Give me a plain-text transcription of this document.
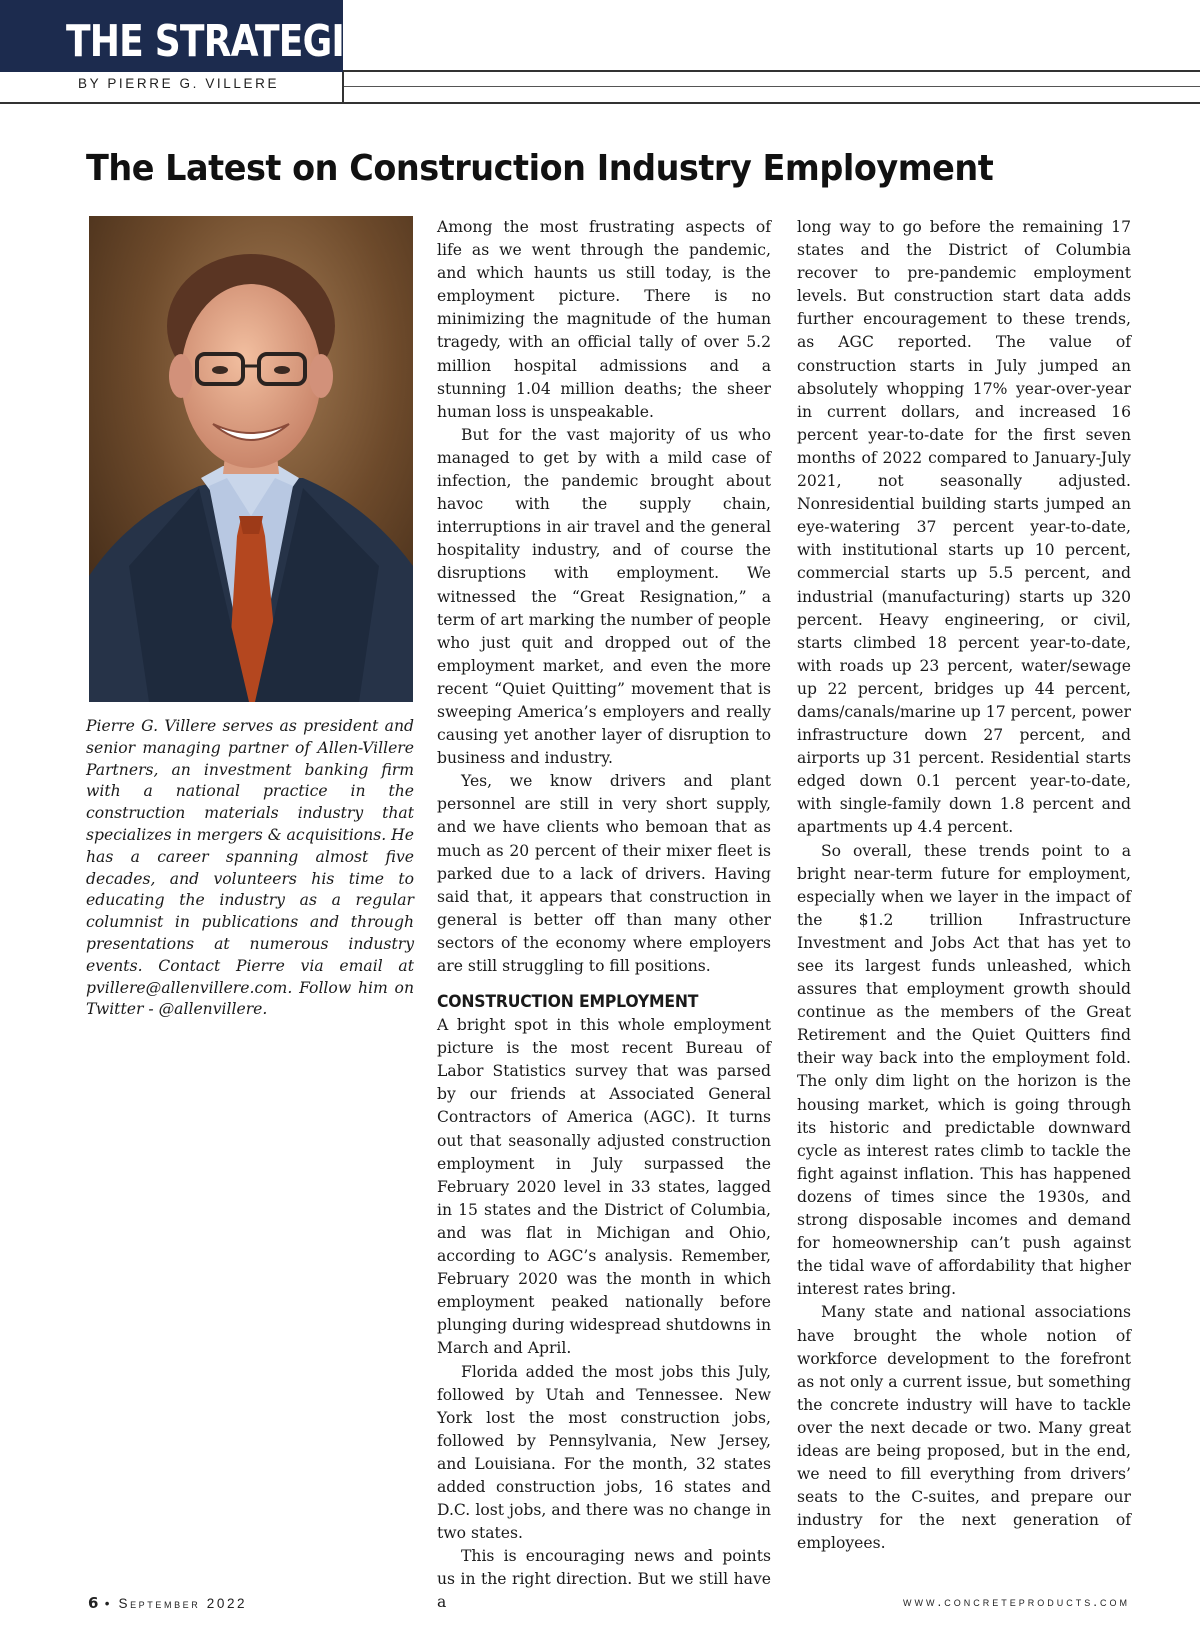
THE STRATEGIST
BY PIERRE G. VILLERE
The Latest on Construction Industry Employment

Pierre G. Villere serves as president and senior managing partner of Allen-Villere Partners, an investment banking firm with a national practice in the construction materials industry that specializes in mergers & acquisitions. He has a career spanning almost five decades, and volunteers his time to educating the industry as a regular columnist in publications and through presentations at numerous industry events. Contact Pierre via email at pvillere@allenvillere.com. Follow him on Twitter - @allenvillere.

Among the most frustrating aspects of life as we went through the pandemic, and which haunts us still today, is the employment picture. There is no minimizing the magnitude of the human tragedy, with an official tally of over 5.2 million hospital admissions and a stunning 1.04 million deaths; the sheer human loss is unspeakable.

But for the vast majority of us who managed to get by with a mild case of infection, the pandemic brought about havoc with the supply chain, interruptions in air travel and the general hospitality industry, and of course the disruptions with employment. We witnessed the “Great Resignation,” a term of art marking the number of people who just quit and dropped out of the employment market, and even the more recent “Quiet Quitting” movement that is sweeping America’s employers and really causing yet another layer of disruption to business and industry.

Yes, we know drivers and plant personnel are still in very short supply, and we have clients who bemoan that as much as 20 percent of their mixer fleet is parked due to a lack of drivers. Having said that, it appears that construction in general is better off than many other sectors of the economy where employers are still struggling to fill positions.

CONSTRUCTION EMPLOYMENT

A bright spot in this whole employment picture is the most recent Bureau of Labor Statistics survey that was parsed by our friends at Associated General Contractors of America (AGC). It turns out that seasonally adjusted construction employment in July surpassed the February 2020 level in 33 states, lagged in 15 states and the District of Columbia, and was flat in Michigan and Ohio, according to AGC’s analysis. Remember, February 2020 was the month in which employment peaked nationally before plunging during widespread shutdowns in March and April.

Florida added the most jobs this July, followed by Utah and Tennessee. New York lost the most construction jobs, followed by Pennsylvania, New Jersey, and Louisiana. For the month, 32 states added construction jobs, 16 states and D.C. lost jobs, and there was no change in two states.

This is encouraging news and points us in the right direction. But we still have a

long way to go before the remaining 17 states and the District of Columbia recover to pre-pandemic employment levels. But construction start data adds further encouragement to these trends, as AGC reported. The value of construction starts in July jumped an absolutely whopping 17% year-over-year in current dollars, and increased 16 percent year-to-date for the first seven months of 2022 compared to January-July 2021, not seasonally adjusted. Nonresidential building starts jumped an eye-watering 37 percent year-to-date, with institutional starts up 10 percent, commercial starts up 5.5 percent, and industrial (manufacturing) starts up 320 percent. Heavy engineering, or civil, starts climbed 18 percent year-to-date, with roads up 23 percent, water/sewage up 22 percent, bridges up 44 percent, dams/canals/marine up 17 percent, power infrastructure down 27 percent, and airports up 31 percent. Residential starts edged down 0.1 percent year-to-date, with single-family down 1.8 percent and apartments up 4.4 percent.

So overall, these trends point to a bright near-term future for employment, especially when we layer in the impact of the $1.2 trillion Infrastructure Investment and Jobs Act that has yet to see its largest funds unleashed, which assures that employment growth should continue as the members of the Great Retirement and the Quiet Quitters find their way back into the employment fold. The only dim light on the horizon is the housing market, which is going through its historic and predictable downward cycle as interest rates climb to tackle the fight against inflation. This has happened dozens of times since the 1930s, and strong disposable incomes and demand for homeownership can’t push against the tidal wave of affordability that higher interest rates bring.

Many state and national associations have brought the whole notion of workforce development to the forefront as not only a current issue, but something the concrete industry will have to tackle over the next decade or two. Many great ideas are being proposed, but in the end, we need to fill everything from drivers’ seats to the C-suites, and prepare our industry for the next generation of employees.

6 • September 2022	www.concreteproducts.com
